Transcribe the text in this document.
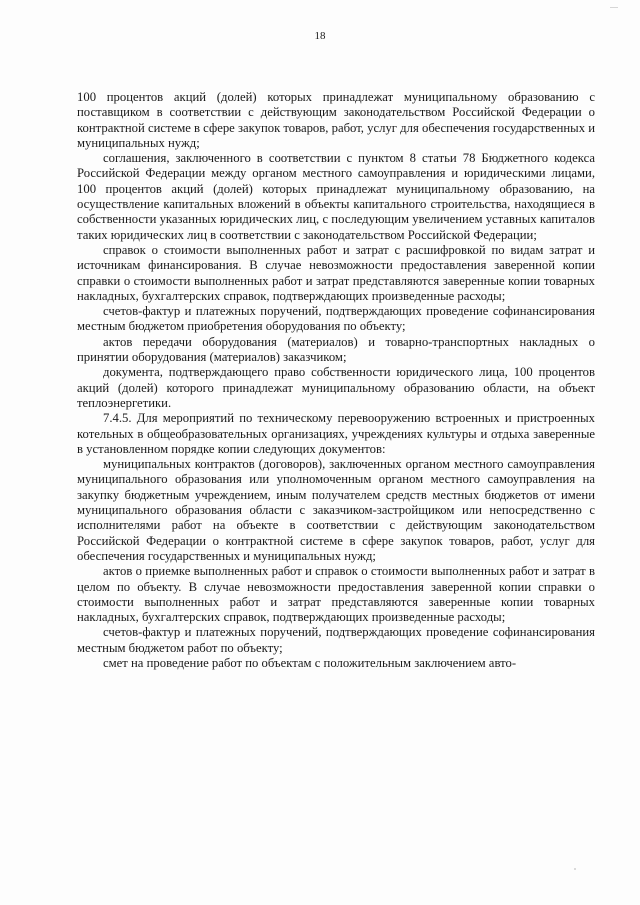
18

100 процентов акций (долей) которых принадлежат муниципальному образованию с поставщиком в соответствии с действующим законодательством Российской Федерации о контрактной системе в сфере закупок товаров, работ, услуг для обеспечения государственных и муниципальных нужд;

соглашения, заключенного в соответствии с пунктом 8 статьи 78 Бюджетного кодекса Российской Федерации между органом местного самоуправления и юридическими лицами, 100 процентов акций (долей) которых принадлежат муниципальному образованию, на осуществление капитальных вложений в объекты капитального строительства, находящиеся в собственности указанных юридических лиц, с последующим увеличением уставных капиталов таких юридических лиц в соответствии с законодательством Российской Федерации;

справок о стоимости выполненных работ и затрат с расшифровкой по видам затрат и источникам финансирования. В случае невозможности предоставления заверенной копии справки о стоимости выполненных работ и затрат представляются заверенные копии товарных накладных, бухгалтерских справок, подтверждающих произведенные расходы;

счетов-фактур и платежных поручений, подтверждающих проведение софинансирования местным бюджетом приобретения оборудования по объекту;

актов передачи оборудования (материалов) и товарно-транспортных накладных о принятии оборудования (материалов) заказчиком;

документа, подтверждающего право собственности юридического лица, 100 процентов акций (долей) которого принадлежат муниципальному образованию области, на объект теплоэнергетики.

7.4.5. Для мероприятий по техническому перевооружению встроенных и пристроенных котельных в общеобразовательных организациях, учреждениях культуры и отдыха заверенные в установленном порядке копии следующих документов:

муниципальных контрактов (договоров), заключенных органом местного самоуправления муниципального образования или уполномоченным органом местного самоуправления на закупку бюджетным учреждением, иным получателем средств местных бюджетов от имени муниципального образования области с заказчиком-застройщиком или непосредственно с исполнителями работ на объекте в соответствии с действующим законодательством Российской Федерации о контрактной системе в сфере закупок товаров, работ, услуг для обеспечения государственных и муниципальных нужд;

актов о приемке выполненных работ и справок о стоимости выполненных работ и затрат в целом по объекту. В случае невозможности предоставления заверенной копии справки о стоимости выполненных работ и затрат представляются заверенные копии товарных накладных, бухгалтерских справок, подтверждающих произведенные расходы;

счетов-фактур и платежных поручений, подтверждающих проведение софинансирования местным бюджетом работ по объекту;

смет на проведение работ по объектам с положительным заключением авто-
